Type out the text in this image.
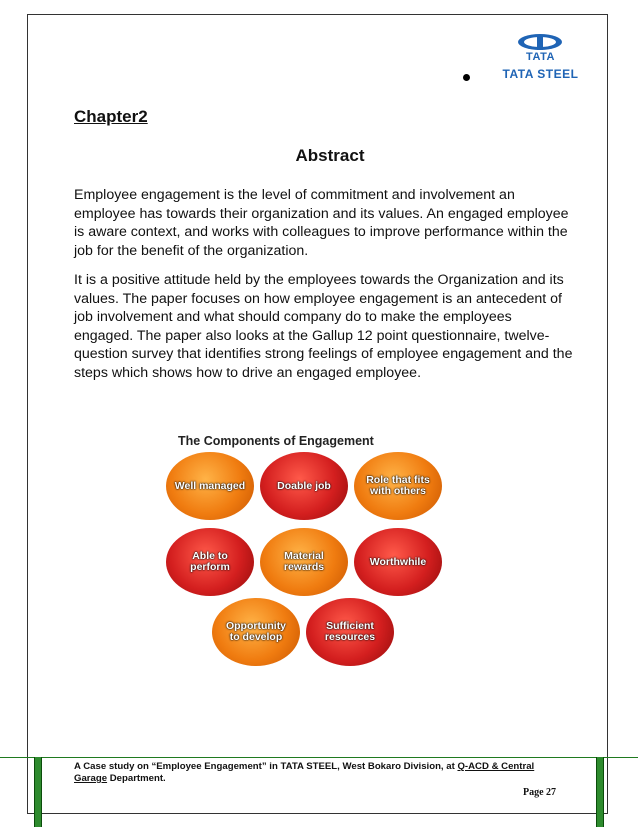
TATA
TATA STEEL
Chapter2
Abstract

Employee engagement is the level of commitment and involvement an employee has towards their organization and its values. An engaged employee is aware context, and works with colleagues to improve performance within the job for the benefit of the organization.

It is a positive attitude held by the employees towards the Organization and its values. The paper focuses on how employee engagement is an antecedent of job involvement and what should company do to make the employees engaged. The paper also looks at the Gallup 12 point questionnaire, twelve-question survey that identifies strong feelings of employee engagement and the steps which shows how to drive an engaged employee.

The Components of Engagement
Well managed	Doable job	Role that fits with others
Able to perform
Material rewards	Worthwhile
Opportunity to develop
Sufficient resources
A Case study on “Employee Engagement” in TATA STEEL, West Bokaro Division, at Q-ACD & Central Garage Department.
Page 27
